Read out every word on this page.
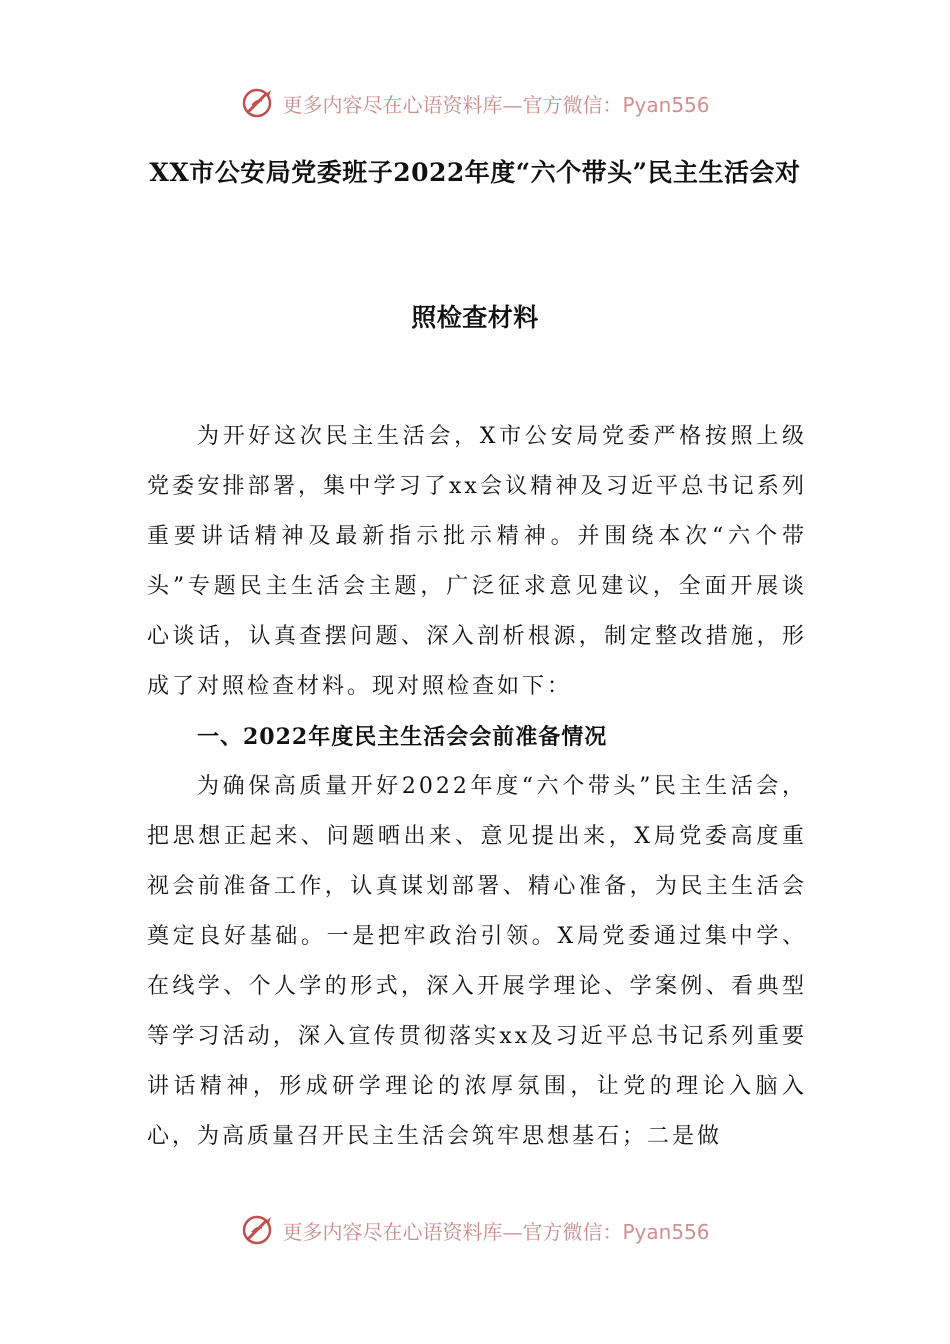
更多内容尽在心语资料库—官方微信：Pyan556
XX市公安局党委班子2022年度“六个带头”民主生活会对
照检查材料

为开好这次民主生活会，X市公安局党委严格按照上级党委安排部署，集中学习了xx会议精神及习近平总书记系列重要讲话精神及最新指示批示精神。并围绕本次“六个带头”专题民主生活会主题，广泛征求意见建议，全面开展谈心谈话，认真查摆问题、深入剖析根源，制定整改措施，形成了对照检查材料。现对照检查如下：

一、2022年度民主生活会会前准备情况

为确保高质量开好2022年度“六个带头”民主生活会，把思想正起来、问题晒出来、意见提出来，X局党委高度重视会前准备工作，认真谋划部署、精心准备，为民主生活会奠定良好基础。一是把牢政治引领。X局党委通过集中学、在线学、个人学的形式，深入开展学理论、学案例、看典型等学习活动，深入宣传贯彻落实xx及习近平总书记系列重要讲话精神，形成研学理论的浓厚氛围，让党的理论入脑入心，为高质量召开民主生活会筑牢思想基石；二是做

更多内容尽在心语资料库—官方微信：Pyan556
